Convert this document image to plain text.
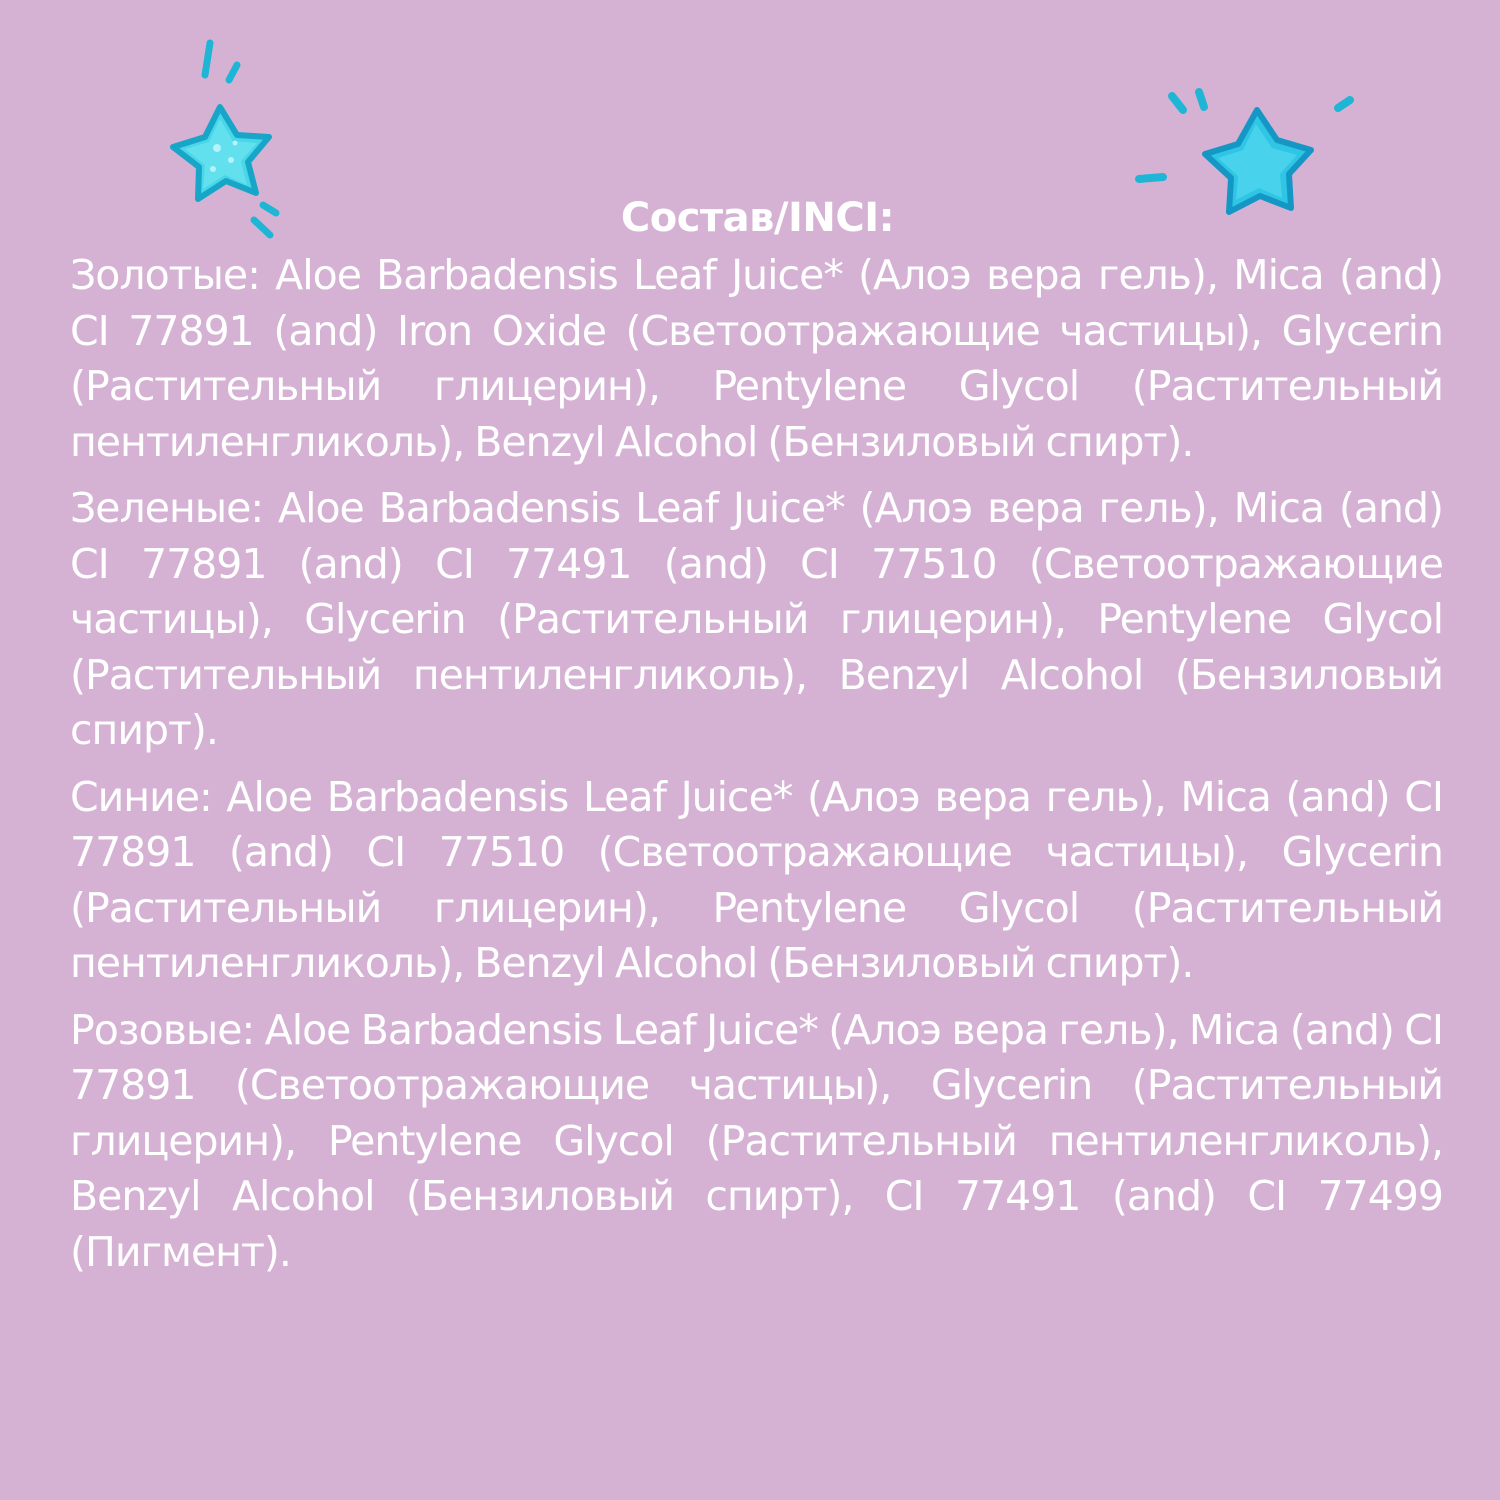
Состав/INCI:

Золотые: Aloe Barbadensis Leaf Juice* (Алоэ вера гель), Mica (and) CI 77891 (and) Iron Oxide (Светоотражающие частицы), Glycerin (Растительный глицерин), Pentylene Glycol (Растительный пентиленгликоль), Benzyl Alcohol (Бензиловый спирт).

Зеленые: Aloe Barbadensis Leaf Juice* (Алоэ вера гель), Mica (and) CI 77891 (and) CI 77491 (and) CI 77510 (Светоотражающие частицы), Glycerin (Растительный глицерин), Pentylene Glycol (Растительный пентиленгликоль), Benzyl Alcohol (Бензиловый спирт).

Синие: Aloe Barbadensis Leaf Juice* (Алоэ вера гель), Mica (and) CI 77891 (and) CI 77510 (Светоотражающие частицы), Glycerin (Растительный глицерин), Pentylene Glycol (Растительный пентиленгликоль), Benzyl Alcohol (Бензиловый спирт).

Розовые: Aloe Barbadensis Leaf Juice* (Алоэ вера гель), Mica (and) CI 77891 (Светоотражающие частицы), Glycerin (Растительный глицерин), Pentylene Glycol (Растительный пентиленгликоль), Benzyl Alcohol (Бензиловый спирт), CI 77491 (and) CI 77499 (Пигмент).
